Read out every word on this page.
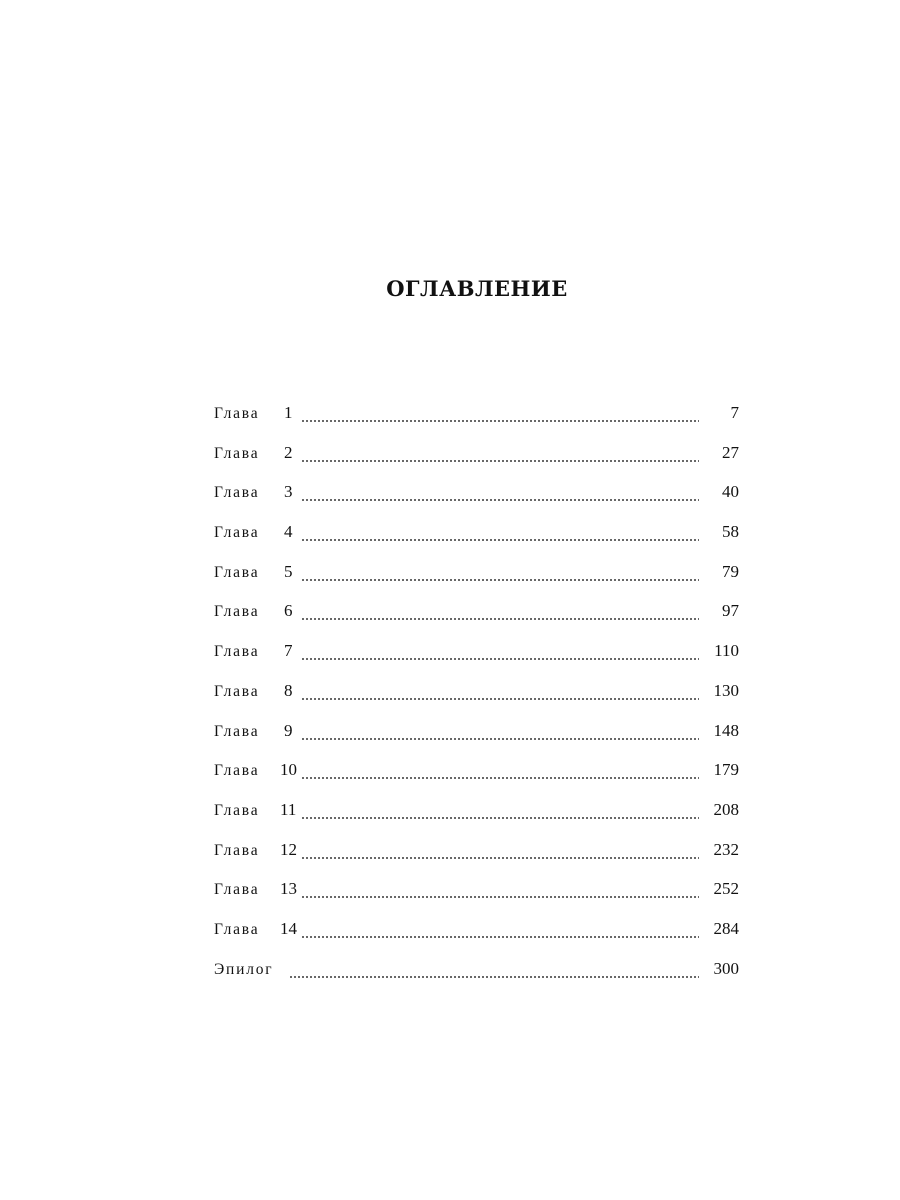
ОГЛАВЛЕНИЕ
Глава 1	7
Глава 2	27
Глава 3	40
Глава 4	58
Глава 5	79
Глава 6	97
Глава 7	110
Глава 8	130
Глава 9	148
Глава 10	179
Глава 11	208
Глава 12	232
Глава 13	252
Глава 14	284
Эпилог	300
